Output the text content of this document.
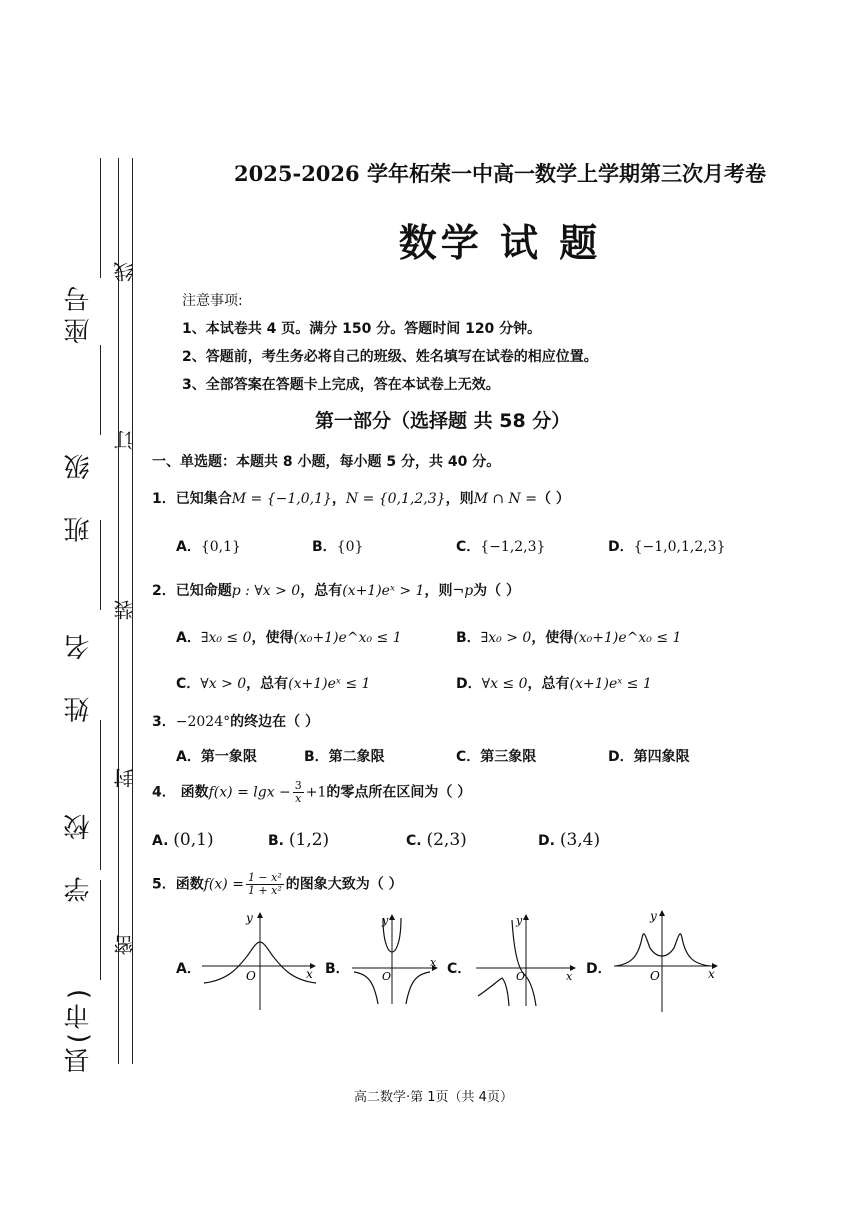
县(市)
学 校
姓 名
班 级
座号
线
订
装
封
密
2025-2026 学年柘荣一中高一数学上学期第三次月考卷
数学 试 题
注意事项:
1、本试卷共 4 页。满分 150 分。答题时间 120 分钟。
2、答题前，考生务必将自己的班级、姓名填写在试卷的相应位置。
3、全部答案在答题卡上完成，答在本试卷上无效。
第一部分（选择题 共 58 分）
一、单选题：本题共 8 小题，每小题 5 分，共 40 分。
1．已知集合M = {−1,0,1}，N = {0,1,2,3}，则M ∩ N =（ ）
A．{0,1}	B．{0}	C．{−1,2,3}	D．{−1,0,1,2,3}
2．已知命题p : ∀x > 0，总有(x+1)eˣ > 1，则¬p为（ ）
A．∃x₀ ≤ 0，使得(x₀+1)e^x₀ ≤ 1	B．∃x₀ > 0，使得(x₀+1)e^x₀ ≤ 1
C．∀x > 0，总有(x+1)eˣ ≤ 1	D．∀x ≤ 0，总有(x+1)eˣ ≤ 1
3．−2024°的终边在（ ）
A．第一象限	B．第二象限	C．第三象限	D．第四象限
4． 函数$f(x) = \lg x - \frac{3}{x} +1$的零点所在区间为（ ）
A. (0,1)	B. (1,2)	C. (2,3)	D. (3,4)
5．函数$f(x) = \frac{\text{1 − x²}}{\text{1 + x²}}$ 的图象大致为（ ）
A．	B．	C．	D．
O	x
y
O
x
y
O	x
y
O	x
y
高二数学·第 1页（共 4页）
